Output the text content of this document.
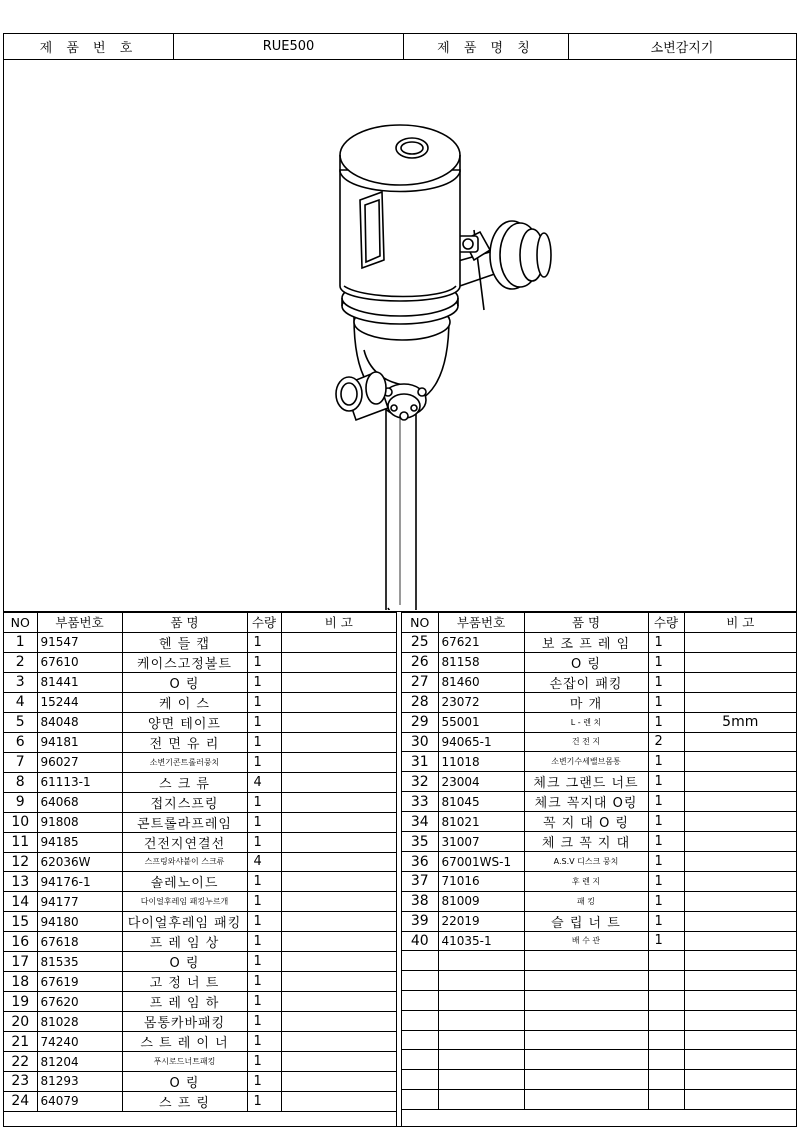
제 품 번 호	RUE500	제 품 명 칭	소변감지기
NO	부품번호	품 명	수량	비 고
1	91547	헨 들 캡	1	
2	67610	케이스고정볼트	1	
3	81441	O 링	1	
4	15244	케 이 스	1	
5	84048	양면 테이프	1	
6	94181	전 면 유 리	1	
7	96027	소변기콘트롤러뭉치	1	
8	61113-1	스 크 류	4	
9	64068	접지스프링	1	
10	91808	콘트롤라프레임	1	
11	94185	건전지연결선	1	
12	62036W	스프링와샤붙이 스크류	4	
13	94176-1	솔레노이드	1	
14	94177	다이얼후레임 패킹누르개	1	
15	94180	다이얼후레임 패킹	1	
16	67618	프 레 임 상	1	
17	81535	O 링	1	
18	67619	고 정 너 트	1	
19	67620	프 레 임 하	1	
20	81028	몸통카바패킹	1	
21	74240	스 트 레 이 너	1	
22	81204	푸시로드너트패킹	1	
23	81293	O 링	1	
24	64079	스 프 링	1	
NO	부품번호	품 명	수량	비 고
25	67621	보 조 프 레 임	1	
26	81158	O 링	1	
27	81460	손잡이 패킹	1	
28	23072	마 개	1	
29	55001	L - 렌 치	1	5mm
30	94065-1	건 전 지	2	
31	11018	소변기수세밸브몸통	1	
32	23004	체크 그랜드 너트	1	
33	81045	체크 꼭지대 O링	1	
34	81021	꼭 지 대 O 링	1	
35	31007	체 크 꼭 지 대	1	
36	67001WS-1	A.S.V 디스크 뭉치	1	
37	71016	후 렌 지	1	
38	81009	패 킹	1	
39	22019	슬 립 너 트	1	
40	41035-1	배 수 관	1	
